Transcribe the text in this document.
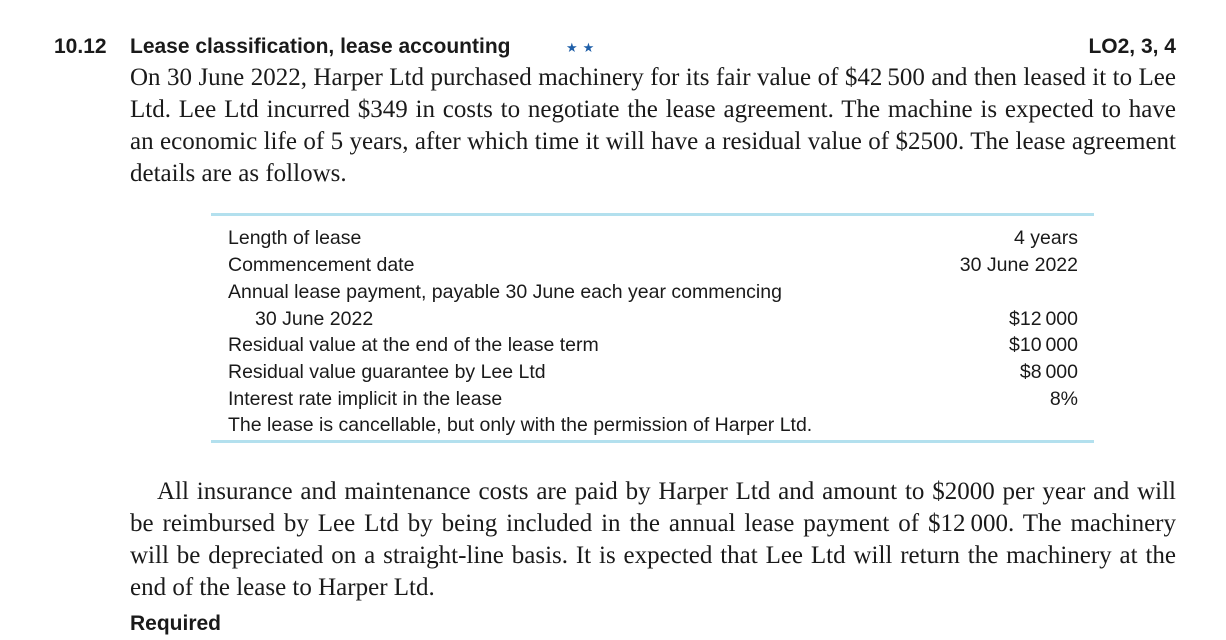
10.12 Lease classification, lease accounting	★★	LO2, 3, 4

On 30 June 2022, Harper Ltd purchased machinery for its fair value of $42 500 and then leased it to Lee Ltd. Lee Ltd incurred $349 in costs to negotiate the lease agreement. The machine is expected to have an economic life of 5 years, after which time it will have a residual value of $2500. The lease agreement details are as follows.

Length of lease	4 years
Commencement date	30 June 2022
Annual lease payment, payable 30 June each year commencing
30 June 2022	$12 000
Residual value at the end of the lease term	$10 000
Residual value guarantee by Lee Ltd	$8 000
Interest rate implicit in the lease	8%
The lease is cancellable, but only with the permission of Harper Ltd.

All insurance and maintenance costs are paid by Harper Ltd and amount to $2000 per year and will be reimbursed by Lee Ltd by being included in the annual lease payment of $12 000. The machinery will be depreciated on a straight-line basis. It is expected that Lee Ltd will return the machinery at the end of the lease to Harper Ltd.

Required
